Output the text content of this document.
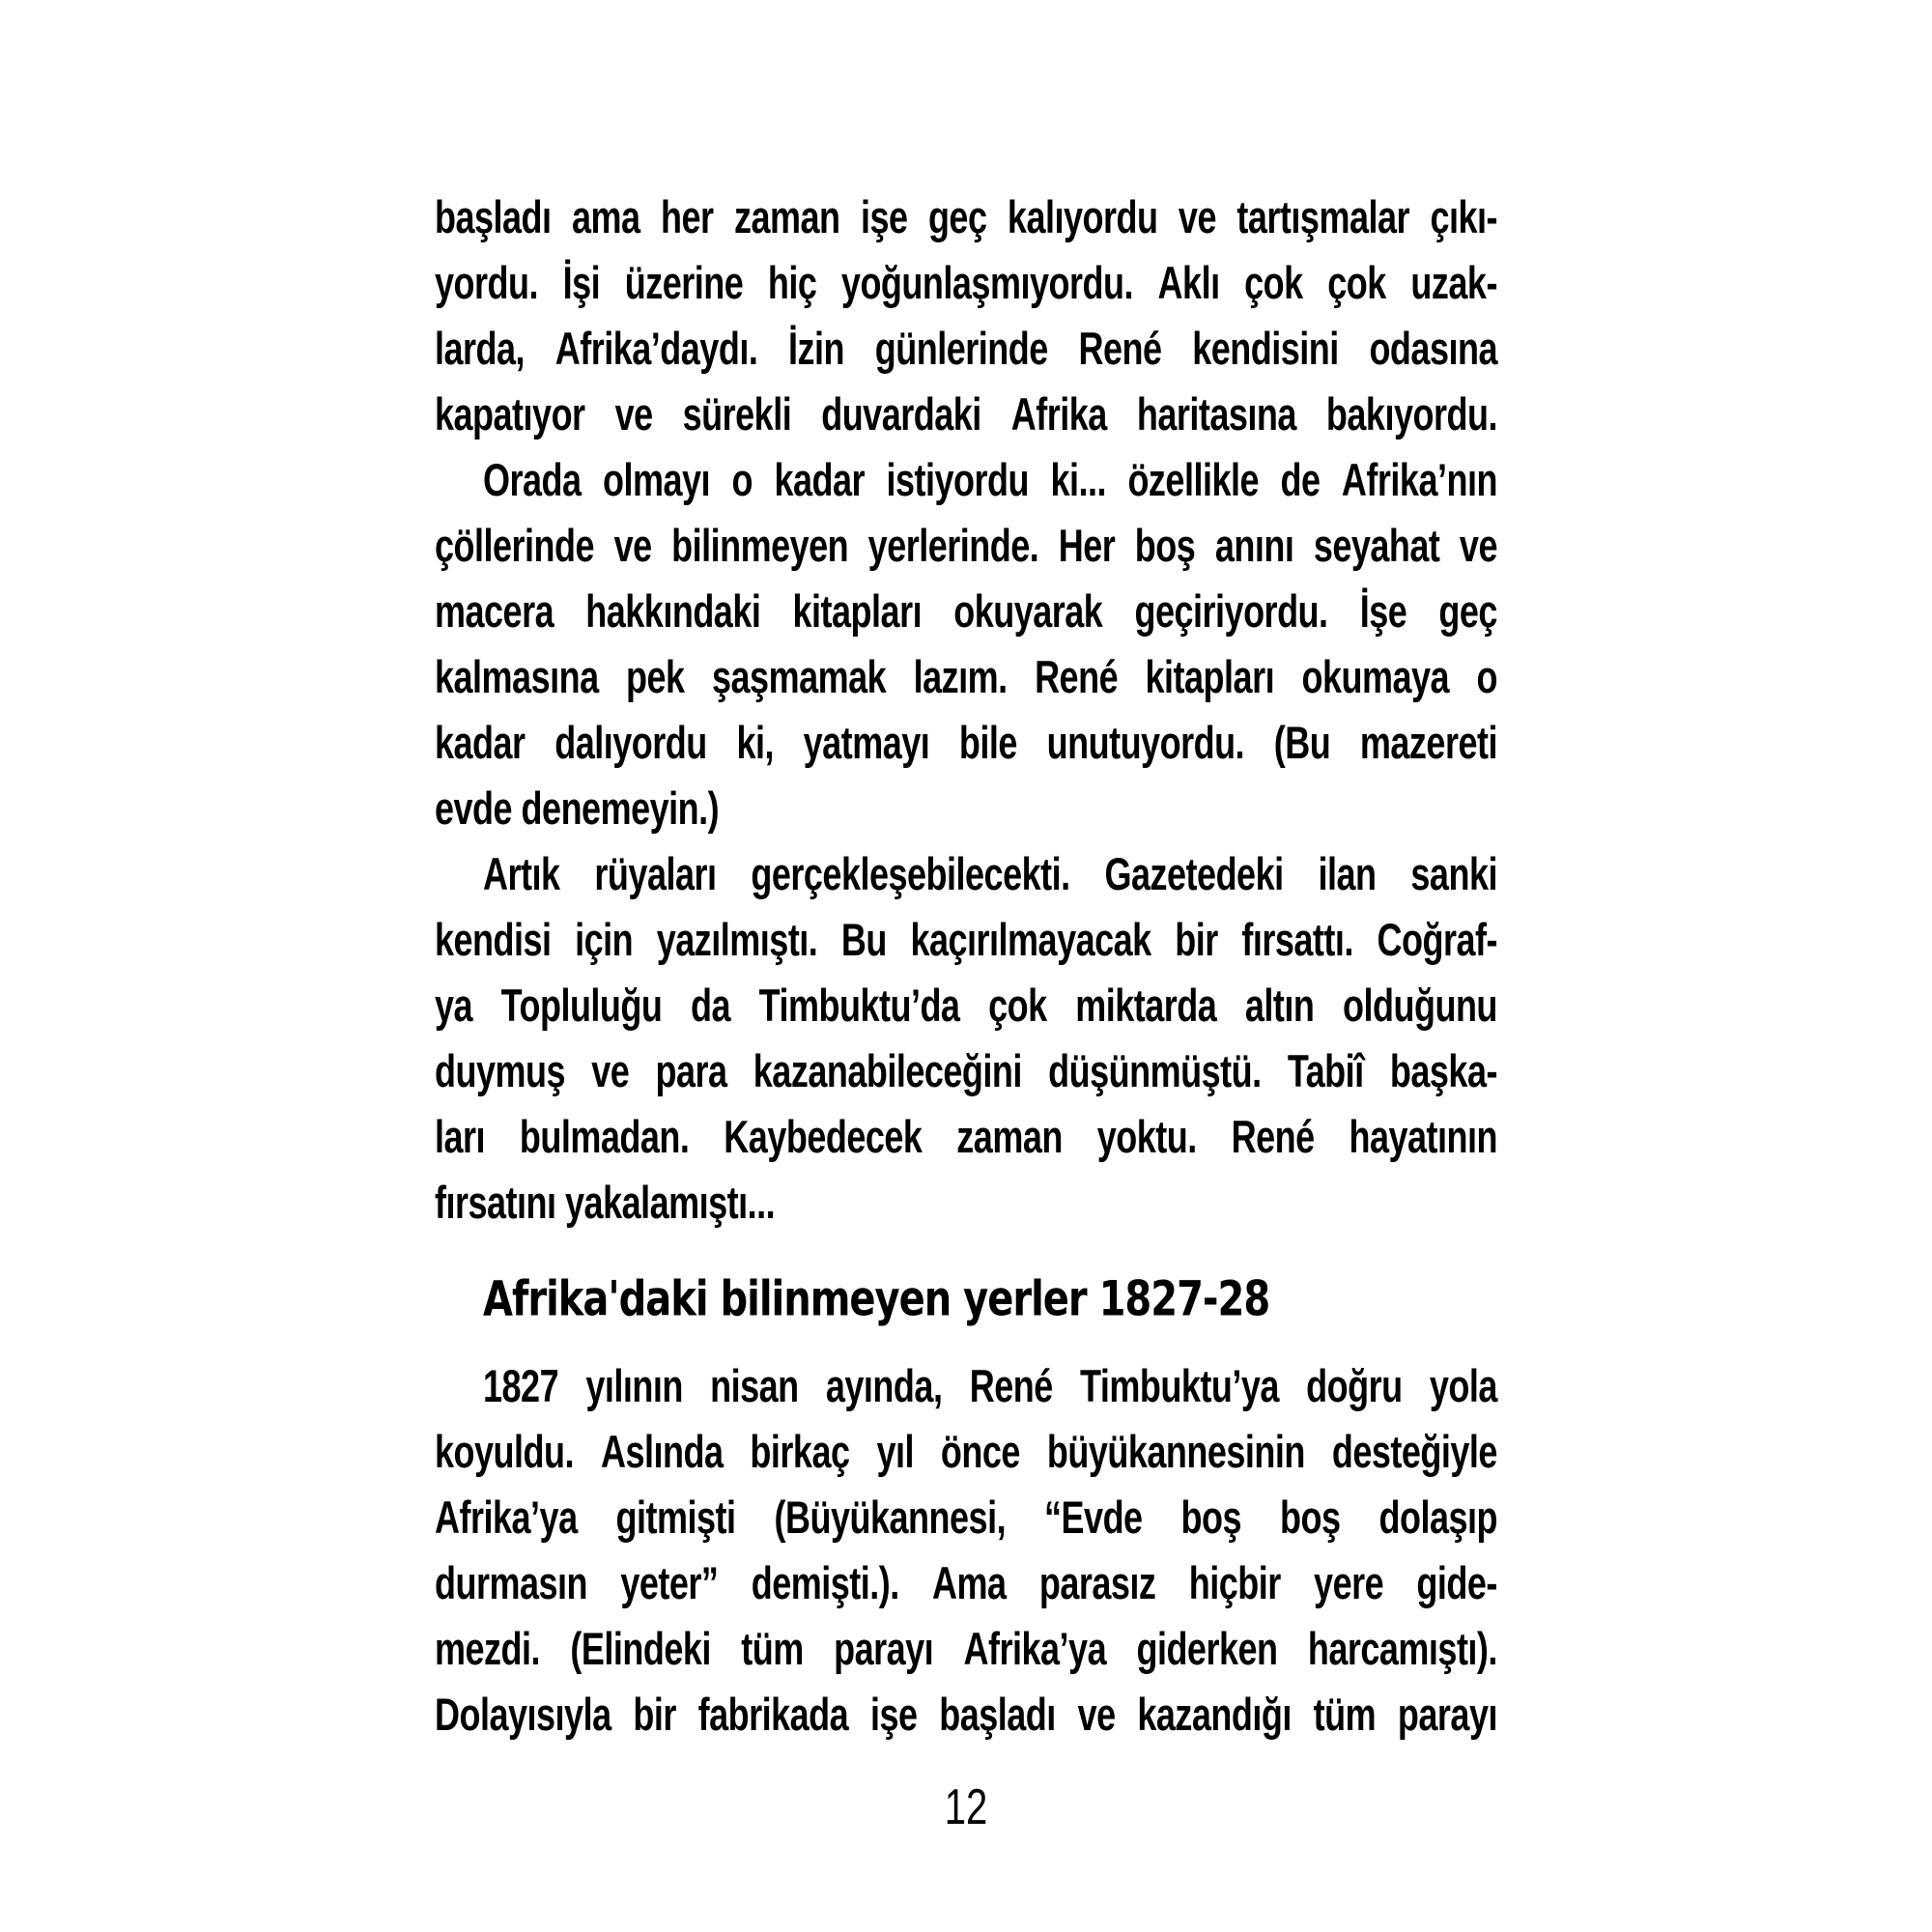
başladı ama her zaman işe geç kalıyordu ve tartışmalar çıkı-
yordu. İşi üzerine hiç yoğunlaşmıyordu. Aklı çok çok uzak-
larda, Afrika’daydı. İzin günlerinde René kendisini odasına
kapatıyor ve sürekli duvardaki Afrika haritasına bakıyordu.
Orada olmayı o kadar istiyordu ki... özellikle de Afrika’nın
çöllerinde ve bilinmeyen yerlerinde. Her boş anını seyahat ve
macera hakkındaki kitapları okuyarak geçiriyordu. İşe geç
kalmasına pek şaşmamak lazım. René kitapları okumaya o
kadar dalıyordu ki, yatmayı bile unutuyordu. (Bu mazereti
evde denemeyin.)
Artık rüyaları gerçekleşebilecekti. Gazetedeki ilan sanki
kendisi için yazılmıştı. Bu kaçırılmayacak bir fırsattı. Coğraf-
ya Topluluğu da Timbuktu’da çok miktarda altın olduğunu
duymuş ve para kazanabileceğini düşünmüştü. Tabiî başka-
ları bulmadan. Kaybedecek zaman yoktu. René hayatının
fırsatını yakalamıştı...
Afrika'daki bilinmeyen yerler 1827-28
1827 yılının nisan ayında, René Timbuktu’ya doğru yola
koyuldu. Aslında birkaç yıl önce büyükannesinin desteğiyle
Afrika’ya gitmişti (Büyükannesi, “Evde boş boş dolaşıp
durmasın yeter” demişti.). Ama parasız hiçbir yere gide-
mezdi. (Elindeki tüm parayı Afrika’ya giderken harcamıştı).
Dolayısıyla bir fabrikada işe başladı ve kazandığı tüm parayı
12
